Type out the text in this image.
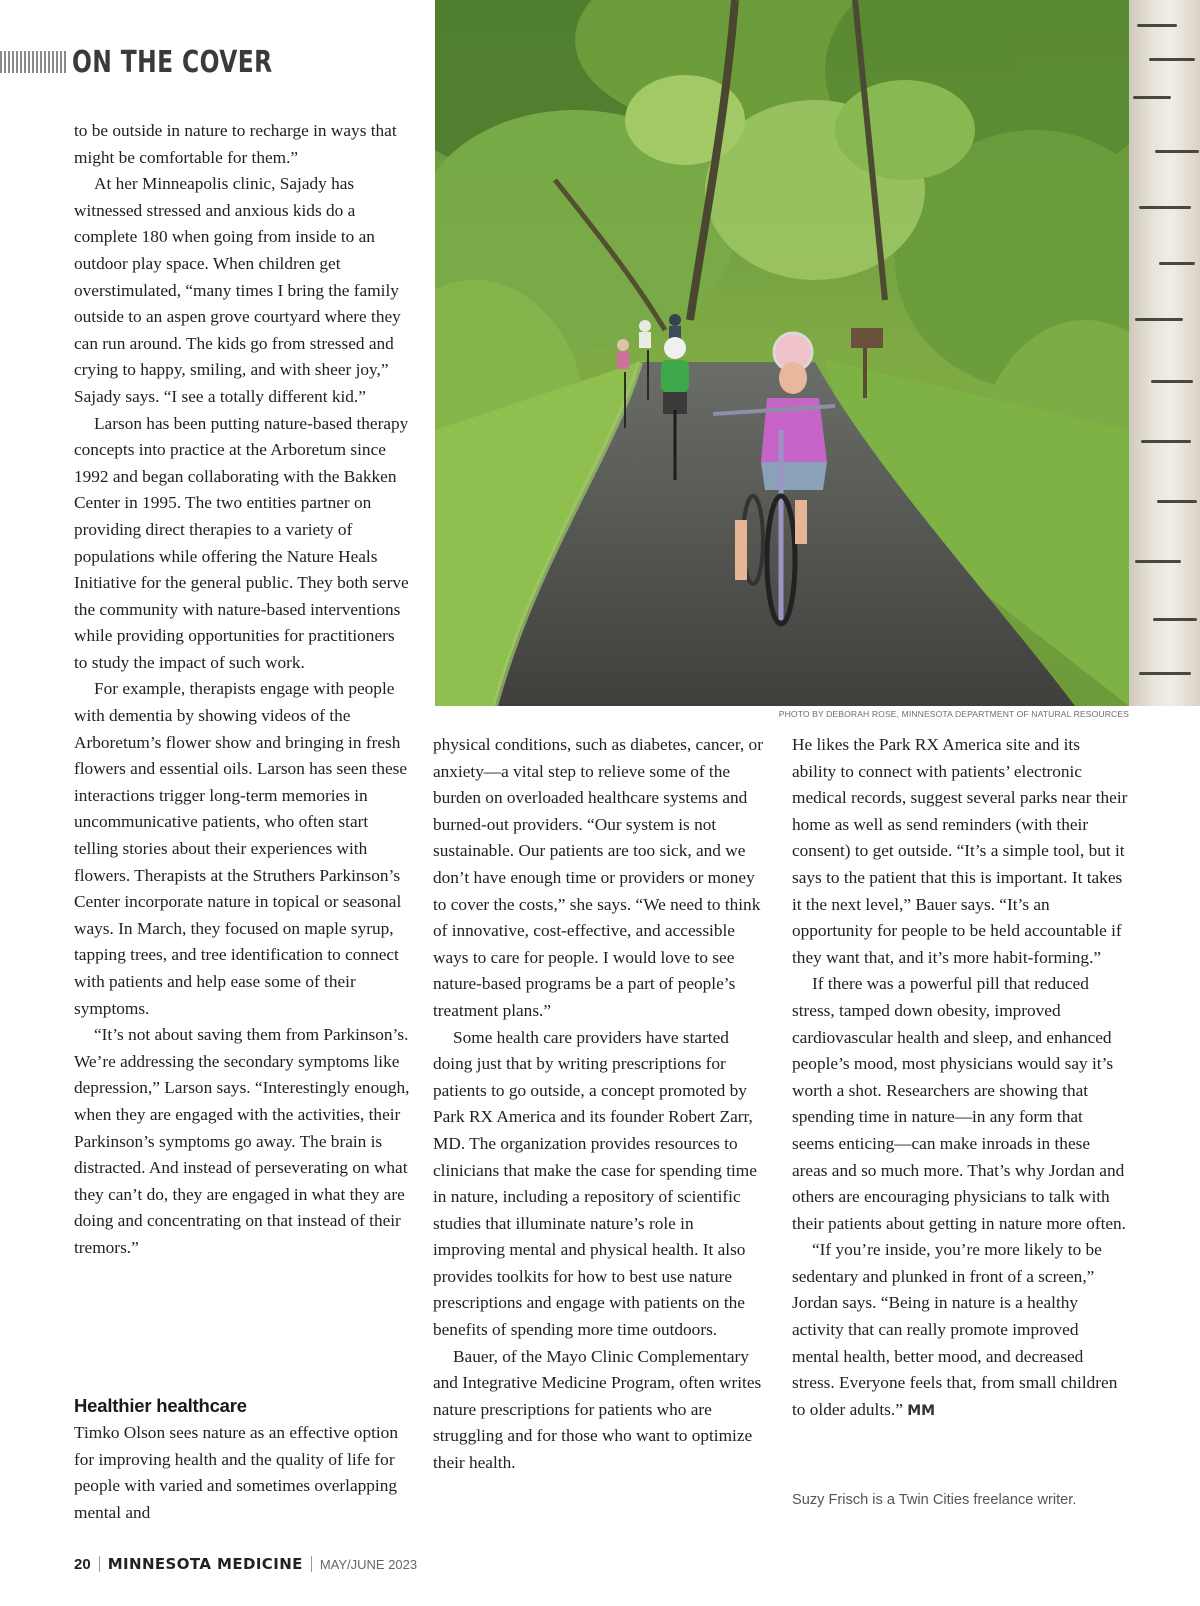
ON THE COVER
PHOTO BY DEBORAH ROSE, MINNESOTA DEPARTMENT OF NATURAL RESOURCES

to be outside in nature to recharge in ways that might be comfortable for them.”

At her Minneapolis clinic, Sajady has witnessed stressed and anxious kids do a complete 180 when going from inside to an outdoor play space. When children get overstimulated, “many times I bring the family outside to an aspen grove courtyard where they can run around. The kids go from stressed and crying to happy, smiling, and with sheer joy,” Sajady says. “I see a totally different kid.”

Larson has been putting nature-based therapy concepts into practice at the Arboretum since 1992 and began collaborating with the Bakken Center in 1995. The two entities partner on providing direct therapies to a variety of populations while offering the Nature Heals Initiative for the general public. They both serve the community with nature-based interventions while providing opportunities for practitioners to study the impact of such work.

For example, therapists engage with people with dementia by showing videos of the Arboretum’s flower show and bringing in fresh flowers and essential oils. Larson has seen these interactions trigger long-term memories in uncommunicative patients, who often start telling stories about their experiences with flowers. Therapists at the Struthers Parkinson’s Center incorporate nature in topical or seasonal ways. In March, they focused on maple syrup, tapping trees, and tree identification to connect with patients and help ease some of their symptoms.

“It’s not about saving them from Parkinson’s. We’re addressing the secondary symptoms like depression,” Larson says. “Interestingly enough, when they are engaged with the activities, their Parkinson’s symptoms go away. The brain is distracted. And instead of perseverating on what they can’t do, they are engaged in what they are doing and concentrating on that instead of their tremors.”

Healthier healthcare

Timko Olson sees nature as an effective option for improving health and the quality of life for people with varied and sometimes overlapping mental and

physical conditions, such as diabetes, cancer, or anxiety—a vital step to relieve some of the burden on overloaded healthcare systems and burned-out providers. “Our system is not sustainable. Our patients are too sick, and we don’t have enough time or providers or money to cover the costs,” she says. “We need to think of innovative, cost-effective, and accessible ways to care for people. I would love to see nature-based programs be a part of people’s treatment plans.”

Some health care providers have started doing just that by writing prescriptions for patients to go outside, a concept promoted by Park RX America and its founder Robert Zarr, MD. The organization provides resources to clinicians that make the case for spending time in nature, including a repository of scientific studies that illuminate nature’s role in improving mental and physical health. It also provides toolkits for how to best use nature prescriptions and engage with patients on the benefits of spending more time outdoors.

Bauer, of the Mayo Clinic Complementary and Integrative Medicine Program, often writes nature prescriptions for patients who are struggling and for those who want to optimize their health.

He likes the Park RX America site and its ability to connect with patients’ electronic medical records, suggest several parks near their home as well as send reminders (with their consent) to get outside. “It’s a simple tool, but it says to the patient that this is important. It takes it the next level,” Bauer says. “It’s an opportunity for people to be held accountable if they want that, and it’s more habit-forming.”

If there was a powerful pill that reduced stress, tamped down obesity, improved cardiovascular health and sleep, and enhanced people’s mood, most physicians would say it’s worth a shot. Researchers are showing that spending time in nature—in any form that seems enticing—can make inroads in these areas and so much more. That’s why Jordan and others are encouraging physicians to talk with their patients about getting in nature more often.

“If you’re inside, you’re more likely to be sedentary and plunked in front of a screen,” Jordan says. “Being in nature is a healthy activity that can really promote improved mental health, better mood, and decreased stress. Everyone feels that, from small children to older adults.” MM

Suzy Frisch is a Twin Cities freelance writer.
20 MINNESOTA MEDICINE MAY/JUNE 2023
